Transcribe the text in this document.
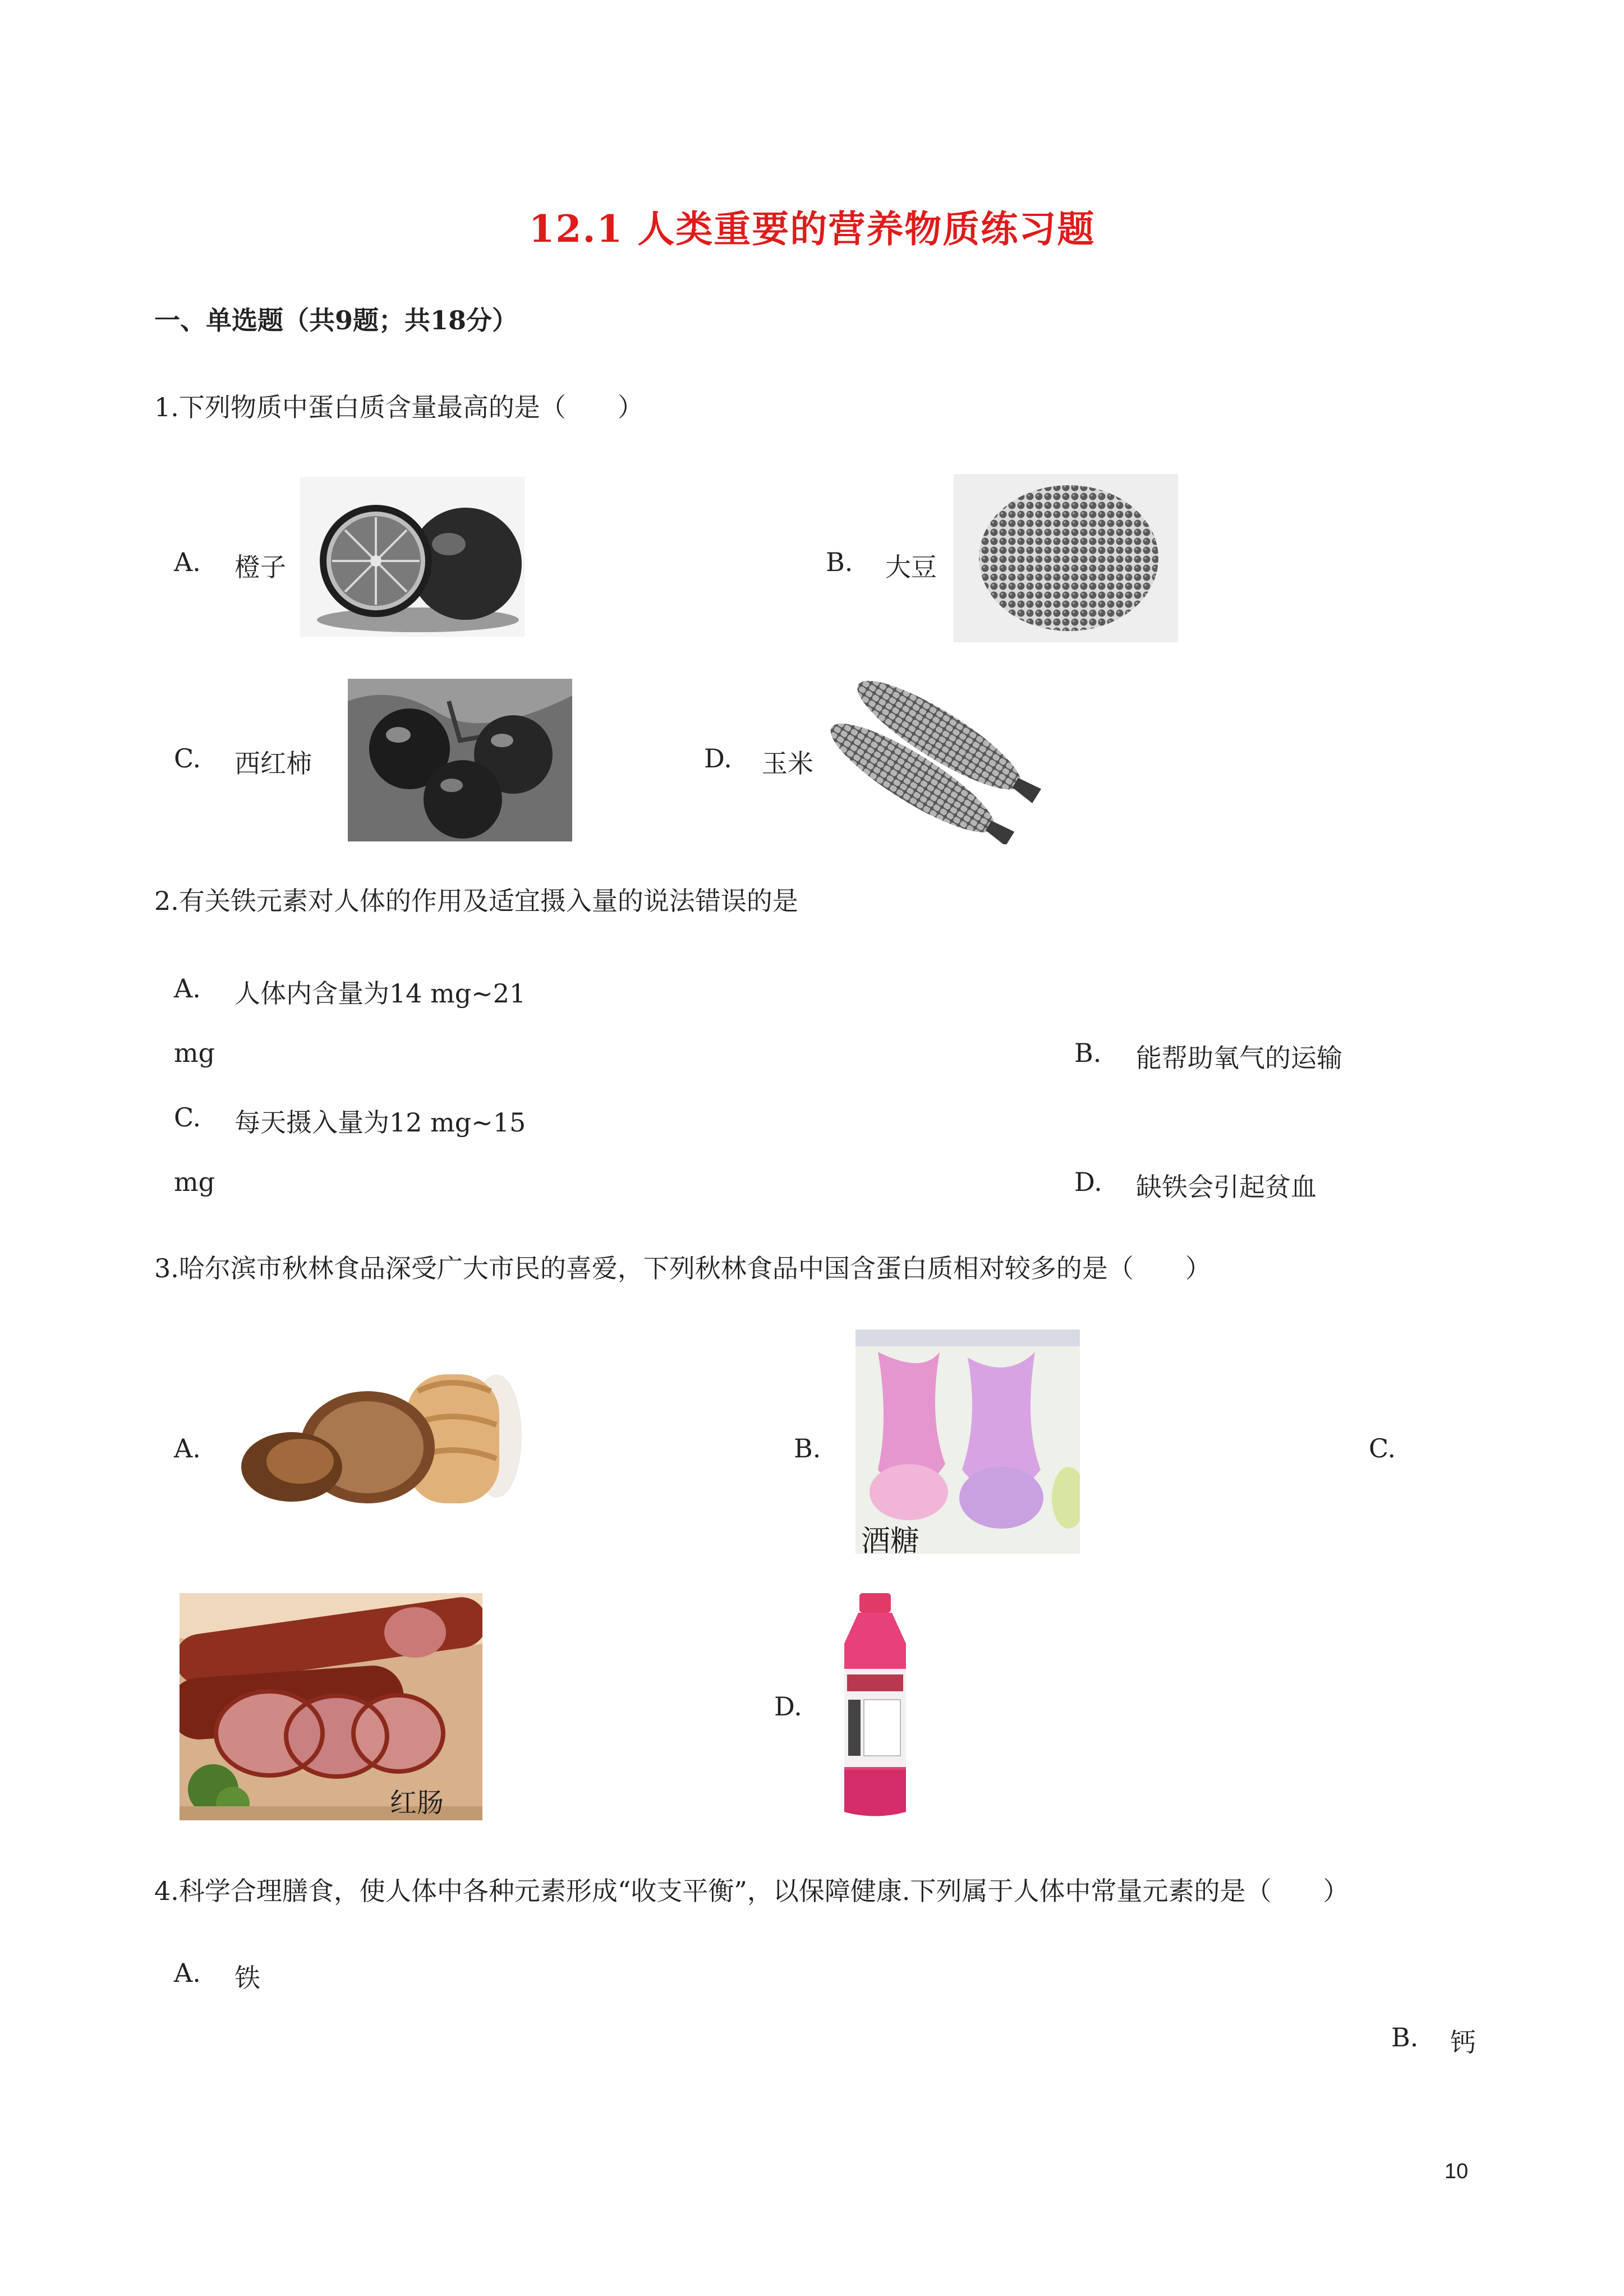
12.1 人类重要的营养物质练习题
一、单选题（共9题；共18分）
1.下列物质中蛋白质含量最高的是（　　）
A. 橙子	B. 大豆
C. 西红柿	D. 玉米
2.有关铁元素对人体的作用及适宜摄入量的说法错误的是
A. 人体内含量为14 mg~21
mg	B. 能帮助氧气的运输
C. 每天摄入量为12 mg~15
mg	D. 缺铁会引起贫血
3.哈尔滨市秋林食品深受广大市民的喜爱，下列秋林食品中国含蛋白质相对较多的是（　　）
A.	B.
酒糖
C.
红肠
D.
4.科学合理膳食，使人体中各种元素形成“收支平衡”，以保障健康.下列属于人体中常量元素的是（　　）
A. 铁
B. 钙
10
